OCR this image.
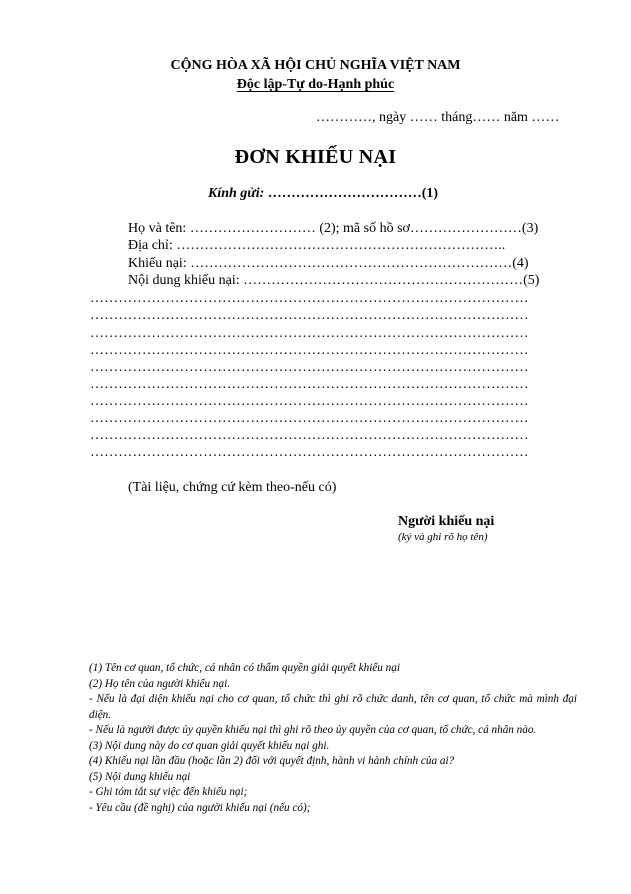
CỘNG HÒA XÃ HỘI CHỦ NGHĨA VIỆT NAM
Độc lập-Tự do-Hạnh phúc
…………, ngày …… tháng…… năm ……
ĐƠN KHIẾU NẠI
Kính gửi: ……………………………(1)
Họ và tên: ……………………… (2); mã số hồ sơ……………………(3)
Địa chỉ: ……………………………………………………………..
Khiếu nại: ……………………………………………………………(4)
Nội dung khiếu nại: ……………………………………………………(5)
…………………………………………………………………………………
…………………………………………………………………………………
…………………………………………………………………………………
…………………………………………………………………………………
…………………………………………………………………………………
…………………………………………………………………………………
…………………………………………………………………………………
…………………………………………………………………………………
…………………………………………………………………………………
…………………………………………………………………………………
(Tài liệu, chứng cứ kèm theo-nếu có)
Người khiếu nại
(ký và ghi rõ họ tên)
(1) Tên cơ quan, tổ chức, cá nhân có thẩm quyền giải quyết khiếu nại
(2) Họ tên của người khiếu nại.
- Nếu là đại diện khiếu nại cho cơ quan, tổ chức thì ghi rõ chức danh, tên cơ quan, tổ chức mà mình đại diện.
- Nếu là người được ủy quyền khiếu nại thì ghi rõ theo ủy quyền của cơ quan, tổ chức, cá nhân nào.
(3) Nội dung này do cơ quan giải quyết khiếu nại ghi.
(4) Khiếu nại lần đầu (hoặc lần 2) đối với quyết định, hành vi hành chính của ai?
(5) Nội dung khiếu nại
- Ghi tóm tắt sự việc đến khiếu nại;
- Yêu cầu (đề nghị) của người khiếu nại (nếu có);
